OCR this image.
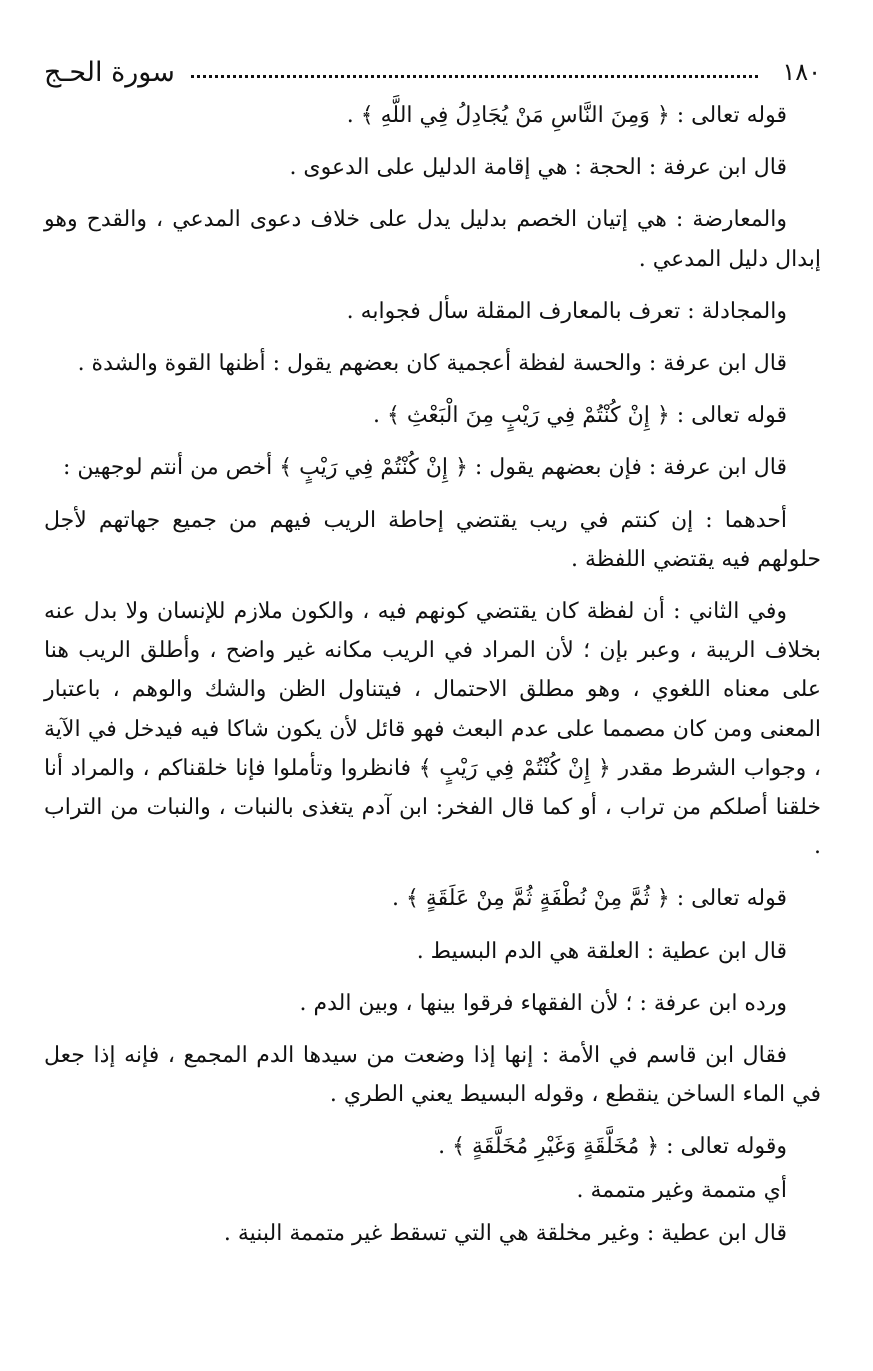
١٨٠
سورة الحـج

قوله تعالى : ﴿ وَمِنَ النَّاسِ مَنْ يُجَادِلُ فِي اللَّهِ ﴾ .

قال ابن عرفة : الحجة : هي إقامة الدليل على الدعوى .

والمعارضة : هي إتيان الخصم بدليل يدل على خلاف دعوى المدعي ، والقدح وهو إبدال دليل المدعي .

والمجادلة : تعرف بالمعارف المقلة سأل فجوابه .

قال ابن عرفة : والحسة لفظة أعجمية كان بعضهم يقول : أظنها القوة والشدة .

قوله تعالى : ﴿ إِنْ كُنْتُمْ فِي رَيْبٍ مِنَ الْبَعْثِ ﴾ .

قال ابن عرفة : فإن بعضهم يقول : ﴿ إِنْ كُنْتُمْ فِي رَيْبٍ ﴾ أخص من أنتم لوجهين :

أحدهما : إن كنتم في ريب يقتضي إحاطة الريب فيهم من جميع جهاتهم لأجل حلولهم فيه يقتضي اللفظة .

وفي الثاني : أن لفظة كان يقتضي كونهم فيه ، والكون ملازم للإنسان ولا بدل عنه بخلاف الريبة ، وعبر بإن ؛ لأن المراد في الريب مكانه غير واضح ، وأطلق الريب هنا على معناه اللغوي ، وهو مطلق الاحتمال ، فيتناول الظن والشك والوهم ، باعتبار المعنى ومن كان مصمما على عدم البعث فهو قائل لأن يكون شاكا فيه فيدخل في الآية ، وجواب الشرط مقدر ﴿ إِنْ كُنْتُمْ فِي رَيْبٍ ﴾ فانظروا وتأملوا فإنا خلقناكم ، والمراد أنا خلقنا أصلكم من تراب ، أو كما قال الفخر: ابن آدم يتغذى بالنبات ، والنبات من التراب .

قوله تعالى : ﴿ ثُمَّ مِنْ نُطْفَةٍ ثُمَّ مِنْ عَلَقَةٍ ﴾ .

قال ابن عطية : العلقة هي الدم البسيط .

ورده ابن عرفة : ؛ لأن الفقهاء فرقوا بينها ، وبين الدم .

فقال ابن قاسم في الأمة : إنها إذا وضعت من سيدها الدم المجمع ، فإنه إذا جعل في الماء الساخن ينقطع ، وقوله البسيط يعني الطري .

وقوله تعالى : ﴿ مُخَلَّقَةٍ وَغَيْرِ مُخَلَّقَةٍ ﴾ .

أي متممة وغير متممة .

قال ابن عطية : وغير مخلقة هي التي تسقط غير متممة البنية .
